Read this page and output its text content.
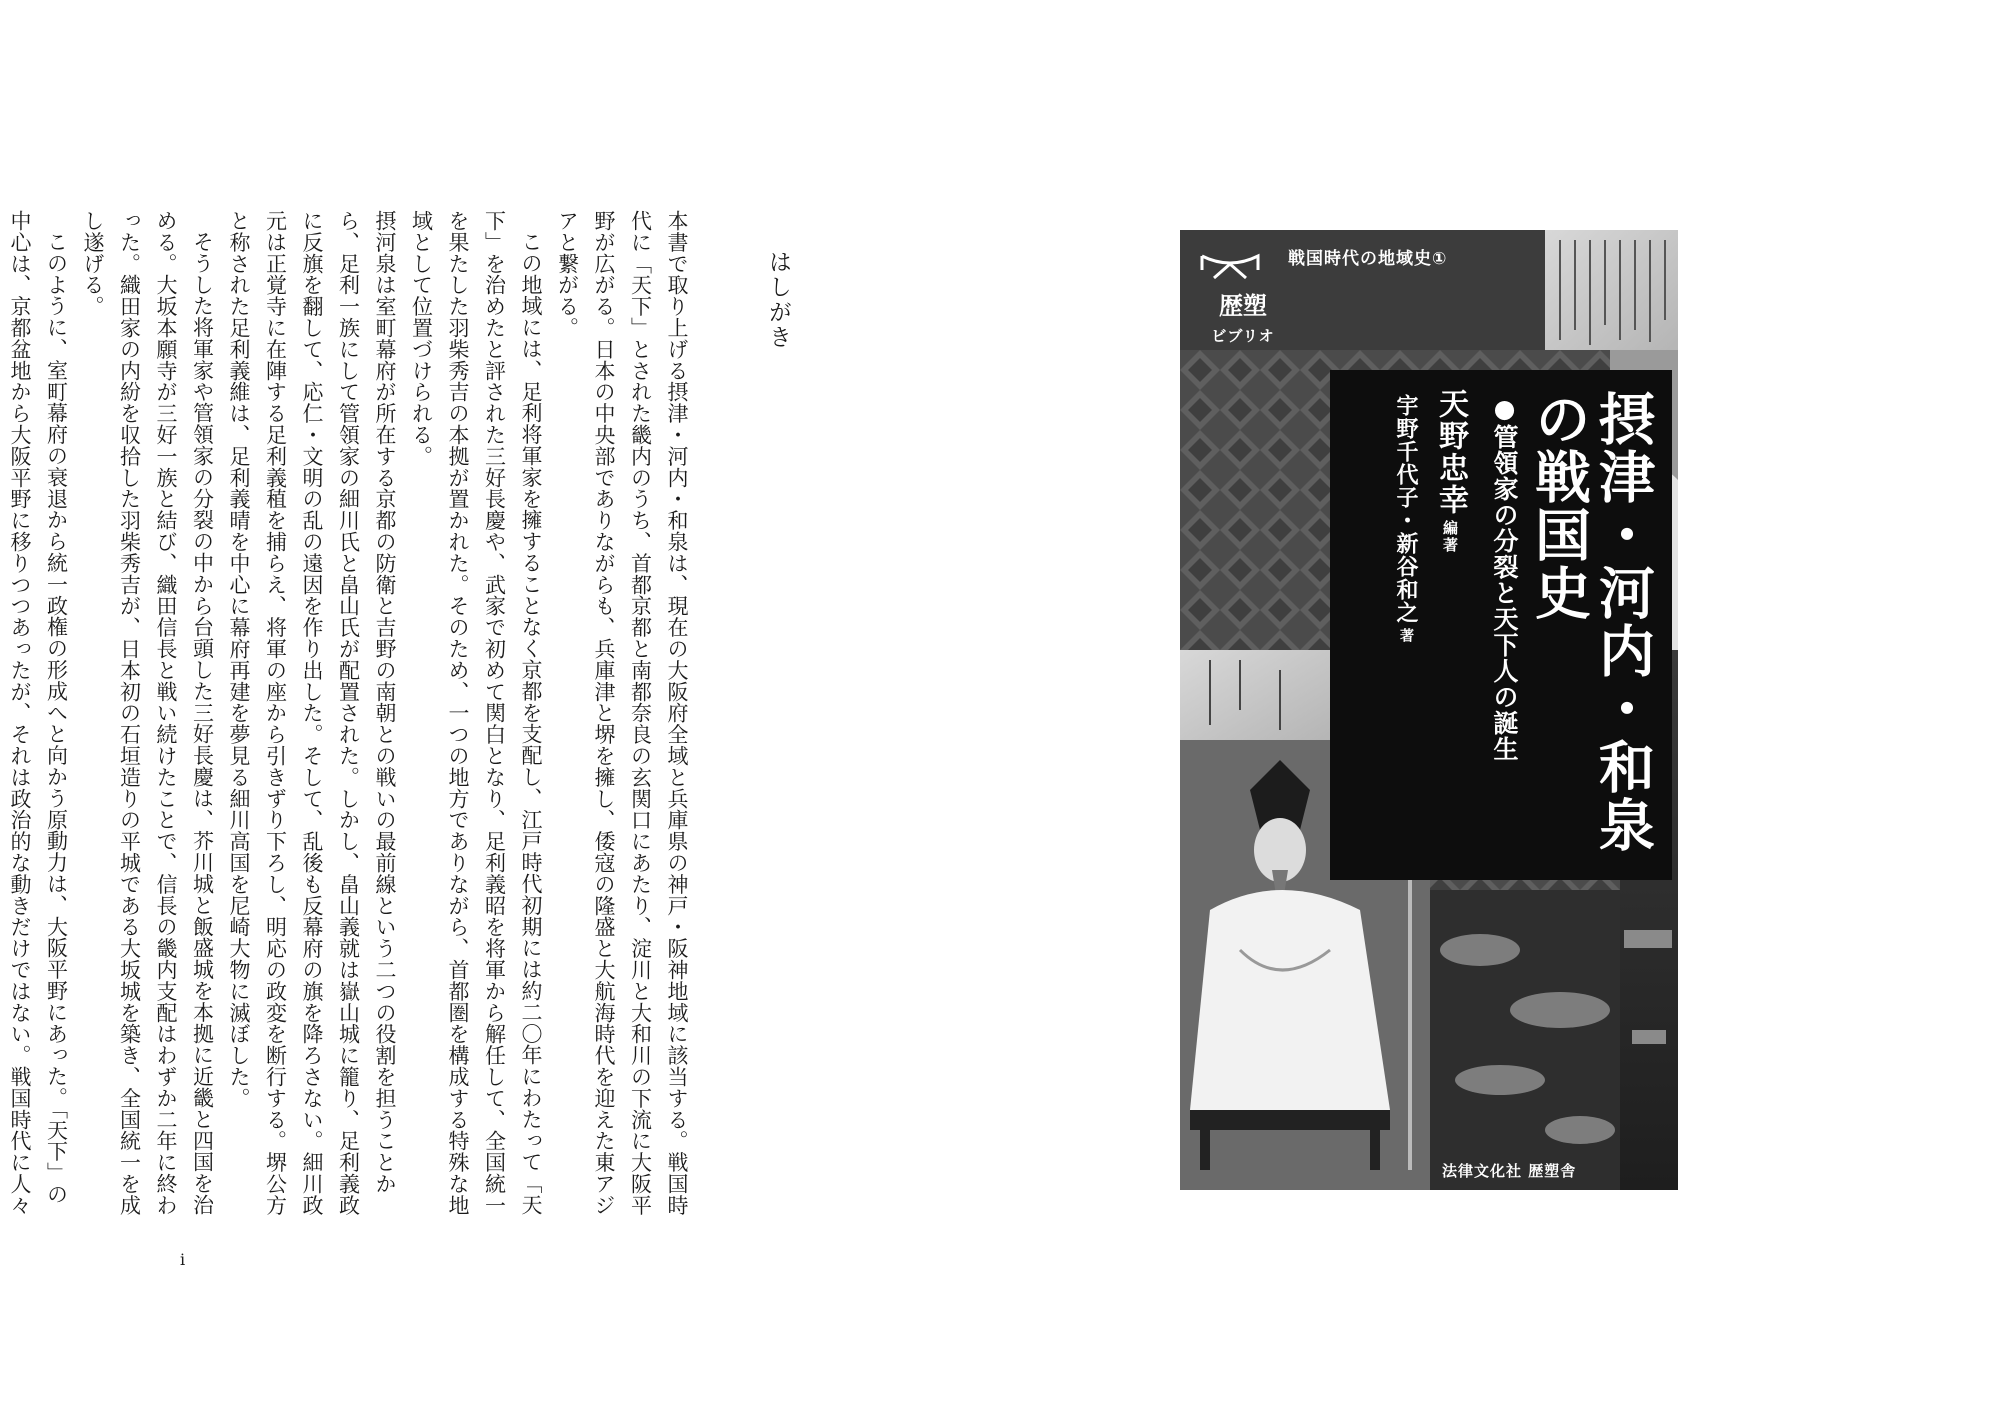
はしがき

本書で取り上げる摂津・河内・和泉は、現在の大阪府全域と兵庫県の神戸・阪神地域に該当する。戦国時代に「天下」とされた畿内のうち、首都京都と南都奈良の玄関口にあたり、淀川と大和川の下流に大阪平野が広がる。日本の中央部でありながらも、兵庫津と堺を擁し、倭寇の隆盛と大航海時代を迎えた東アジアと繋がる。

この地域には、足利将軍家を擁することなく京都を支配し、江戸時代初期には約二〇年にわたって「天下」を治めたと評された三好長慶や、武家で初めて関白となり、足利義昭を将軍から解任して、全国統一を果たした羽柴秀吉の本拠が置かれた。そのため、一つの地方でありながら、首都圏を構成する特殊な地域として位置づけられる。

摂河泉は室町幕府が所在する京都の防衛と吉野の南朝との戦いの最前線という二つの役割を担うことから、足利一族にして管領家の細川氏と畠山氏が配置された。しかし、畠山義就は嶽山城に籠り、足利義政に反旗を翻して、応仁・文明の乱の遠因を作り出した。そして、乱後も反幕府の旗を降ろさない。細川政元は正覚寺に在陣する足利義稙を捕らえ、将軍の座から引きずり下ろし、明応の政変を断行する。堺公方と称された足利義維は、足利義晴を中心に幕府再建を夢見る細川高国を尼崎大物に滅ぼした。

そうした将軍家や管領家の分裂の中から台頭した三好長慶は、芥川城と飯盛城を本拠に近畿と四国を治める。大坂本願寺が三好一族と結び、織田信長と戦い続けたことで、信長の畿内支配はわずか二年に終わった。織田家の内紛を収拾した羽柴秀吉が、日本初の石垣造りの平城である大坂城を築き、全国統一を成し遂げる。

このように、室町幕府の衰退から統一政権の形成へと向かう原動力は、大阪平野にあった。「天下」の中心は、京都盆地から大阪平野に移りつつあったが、それは政治的な動きだけではない。戦国時代に人々

i
歴塑
ビブリオ
戦国時代の地域史①
摂津・河内・和泉の戦国史
●管領家の分裂と天下人の誕生
天野忠幸編著
宇野千代子・新谷和之著
法律文化社 歴塑舎
